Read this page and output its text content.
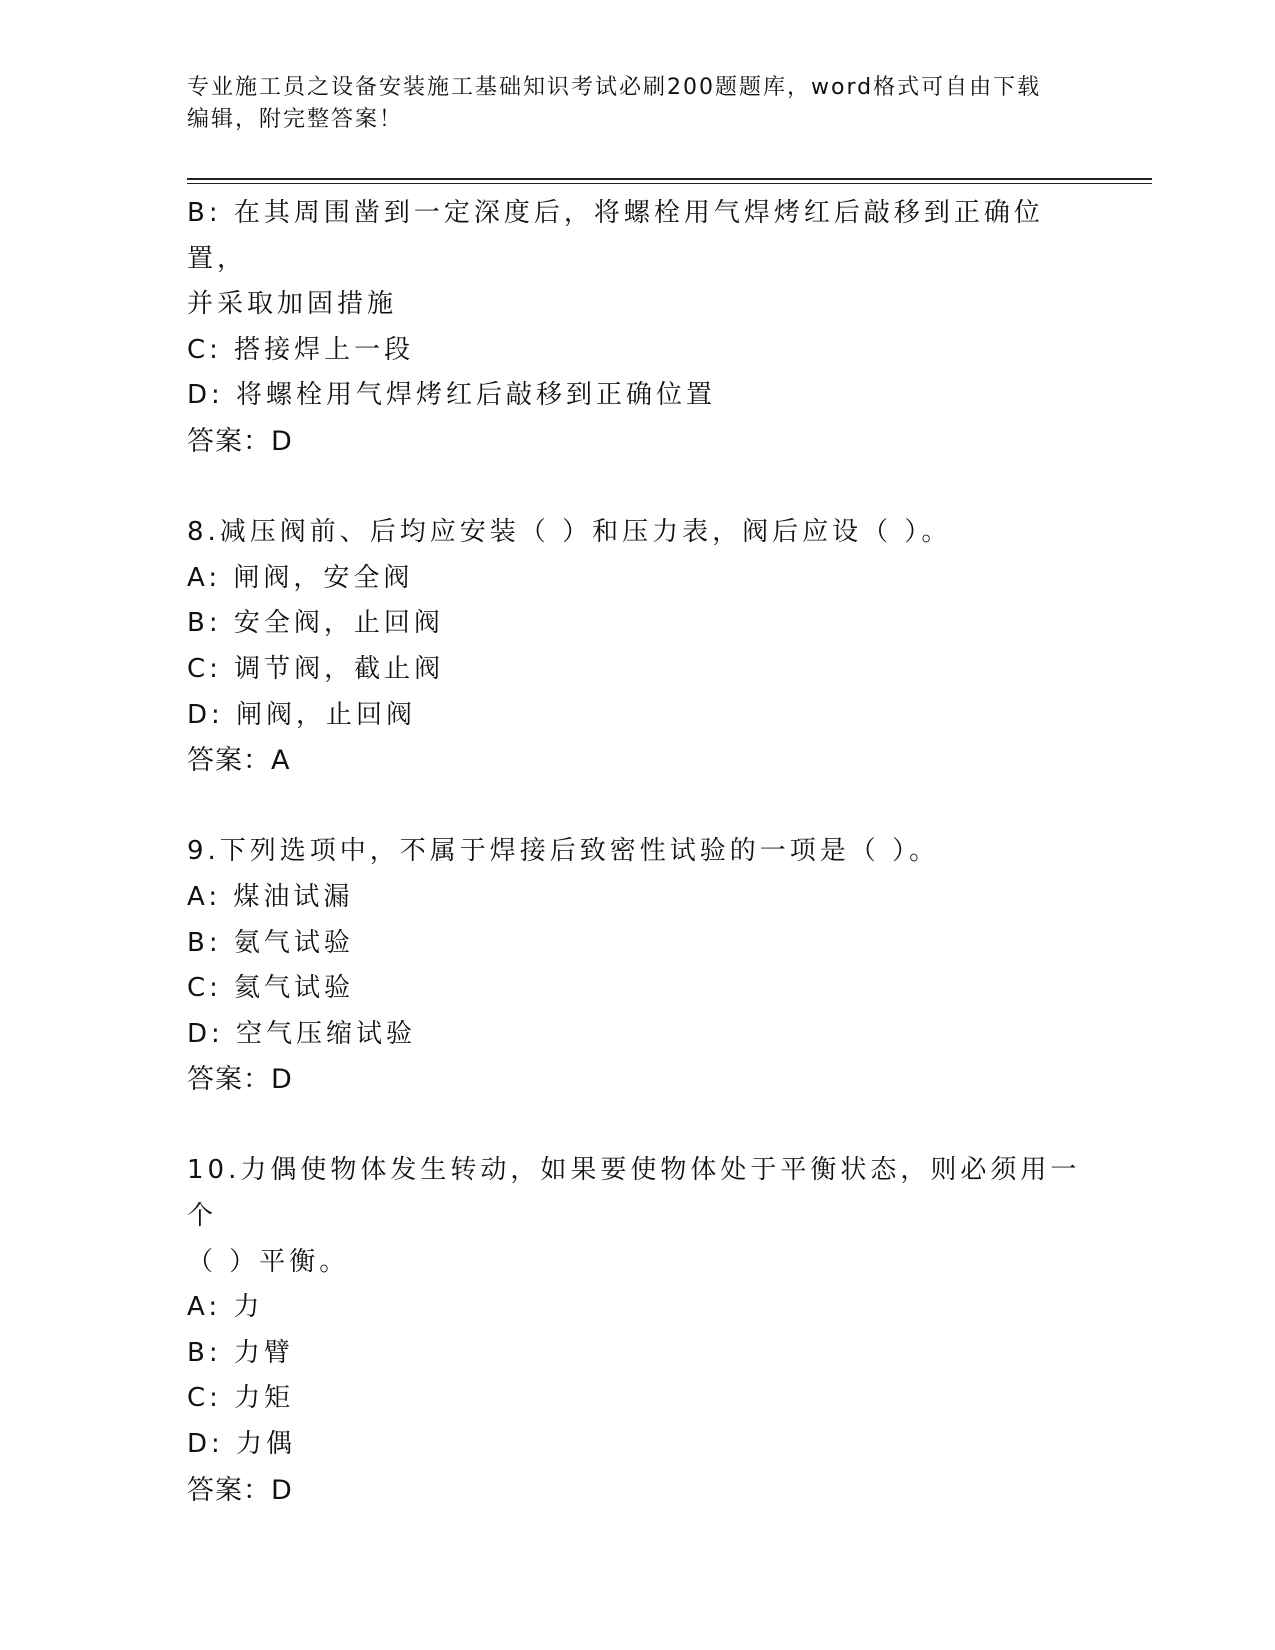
专业施工员之设备安装施工基础知识考试必刷200题题库，word格式可自由下载
编辑，附完整答案！
B: 在其周围凿到一定深度后，将螺栓用气焊烤红后敲移到正确位置，
并采取加固措施
C: 搭接焊上一段
D: 将螺栓用气焊烤红后敲移到正确位置
答案：D
8.减压阀前、后均应安装（ ）和压力表，阀后应设（ ）。
A: 闸阀，安全阀
B: 安全阀，止回阀
C: 调节阀，截止阀
D: 闸阀，止回阀
答案：A
9.下列选项中，不属于焊接后致密性试验的一项是（ ）。
A: 煤油试漏
B: 氨气试验
C: 氦气试验
D: 空气压缩试验
答案：D
10.力偶使物体发生转动，如果要使物体处于平衡状态，则必须用一个
（ ）平衡。
A: 力
B: 力臂
C: 力矩
D: 力偶
答案：D
